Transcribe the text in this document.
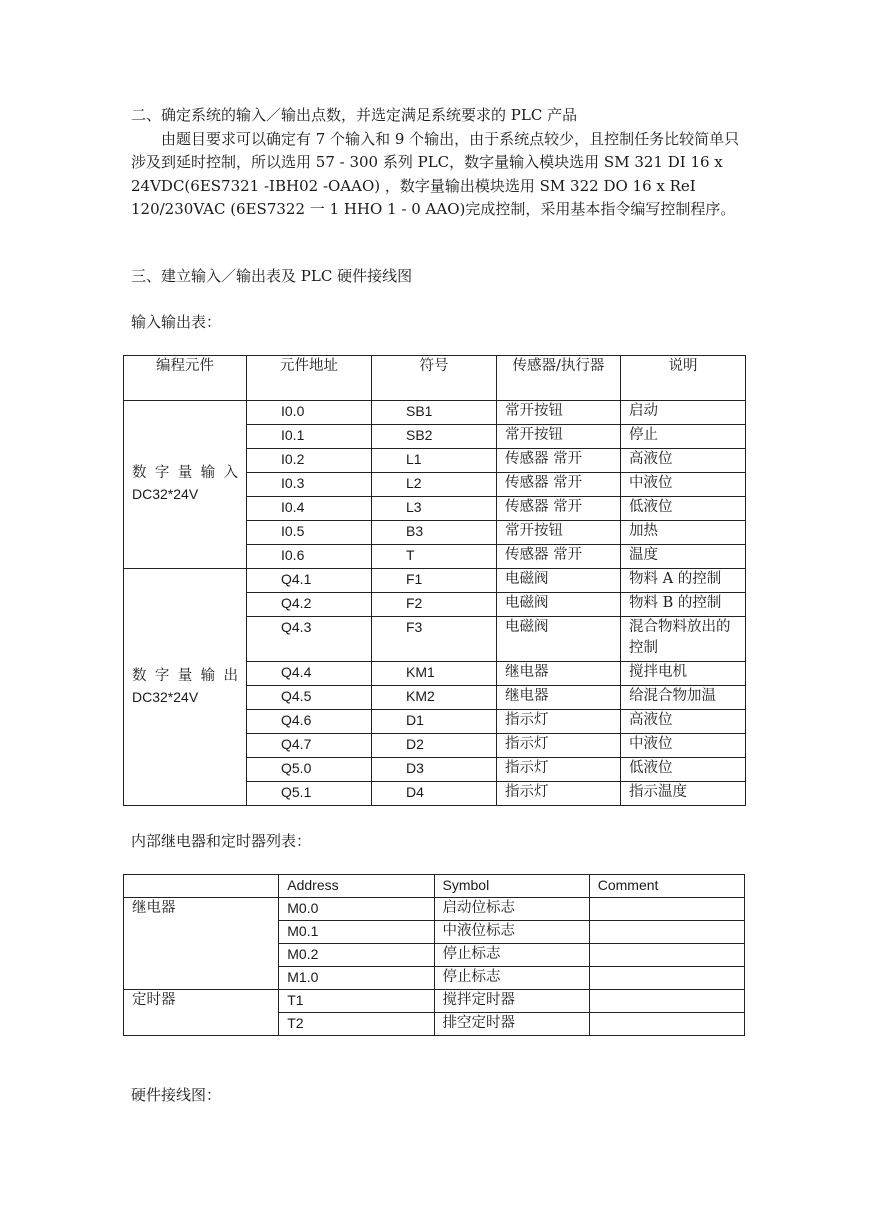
二、确定系统的输入／输出点数，并选定满足系统要求的 PLC 产品
由题目要求可以确定有 7 个输入和 9 个输出，由于系统点较少，且控制任务比较简单只涉及到延时控制，所以选用 57 - 300 系列 PLC，数字量输入模块选用 SM 321 DI 16 x 24VDC(6ES7321 -IBH02 -OAAO) ，数字量输出模块选用 SM 322 DO 16 x ReI 120/230VAC (6ES7322 一 1 HHO 1 - 0 AAO)完成控制，采用基本指令编写控制程序。
三、建立输入／输出表及 PLC 硬件接线图
输入输出表：
编程元件	元件地址	符号	传感器/执行器	说明

数字量输入
DC32*24V	I0.0	SB1	常开按钮	启动
	I0.1	SB2	常开按钮	停止
	I0.2	L1	传感器 常开	高液位
	I0.3	L2	传感器 常开	中液位
	I0.4	L3	传感器 常开	低液位
	I0.5	B3	常开按钮	加热
	I0.6	T	传感器 常开	温度

数字量输出
DC32*24V	Q4.1	F1	电磁阀	物料 A 的控制
	Q4.2	F2	电磁阀	物料 B 的控制
	Q4.3	F3	电磁阀	混合物料放出的控制
	Q4.4	KM1	继电器	搅拌电机
	Q4.5	KM2	继电器	给混合物加温
	Q4.6	D1	指示灯	高液位
	Q4.7	D2	指示灯	中液位
	Q5.0	D3	指示灯	低液位
	Q5.1	D4	指示灯	指示温度
内部继电器和定时器列表：
	Address	Symbol	Comment
继电器	M0.0	启动位标志	
	M0.1	中液位标志	
	M0.2	停止标志	
	M1.0	停止标志	
定时器	T1	搅拌定时器	
	T2	排空定时器	
硬件接线图：
